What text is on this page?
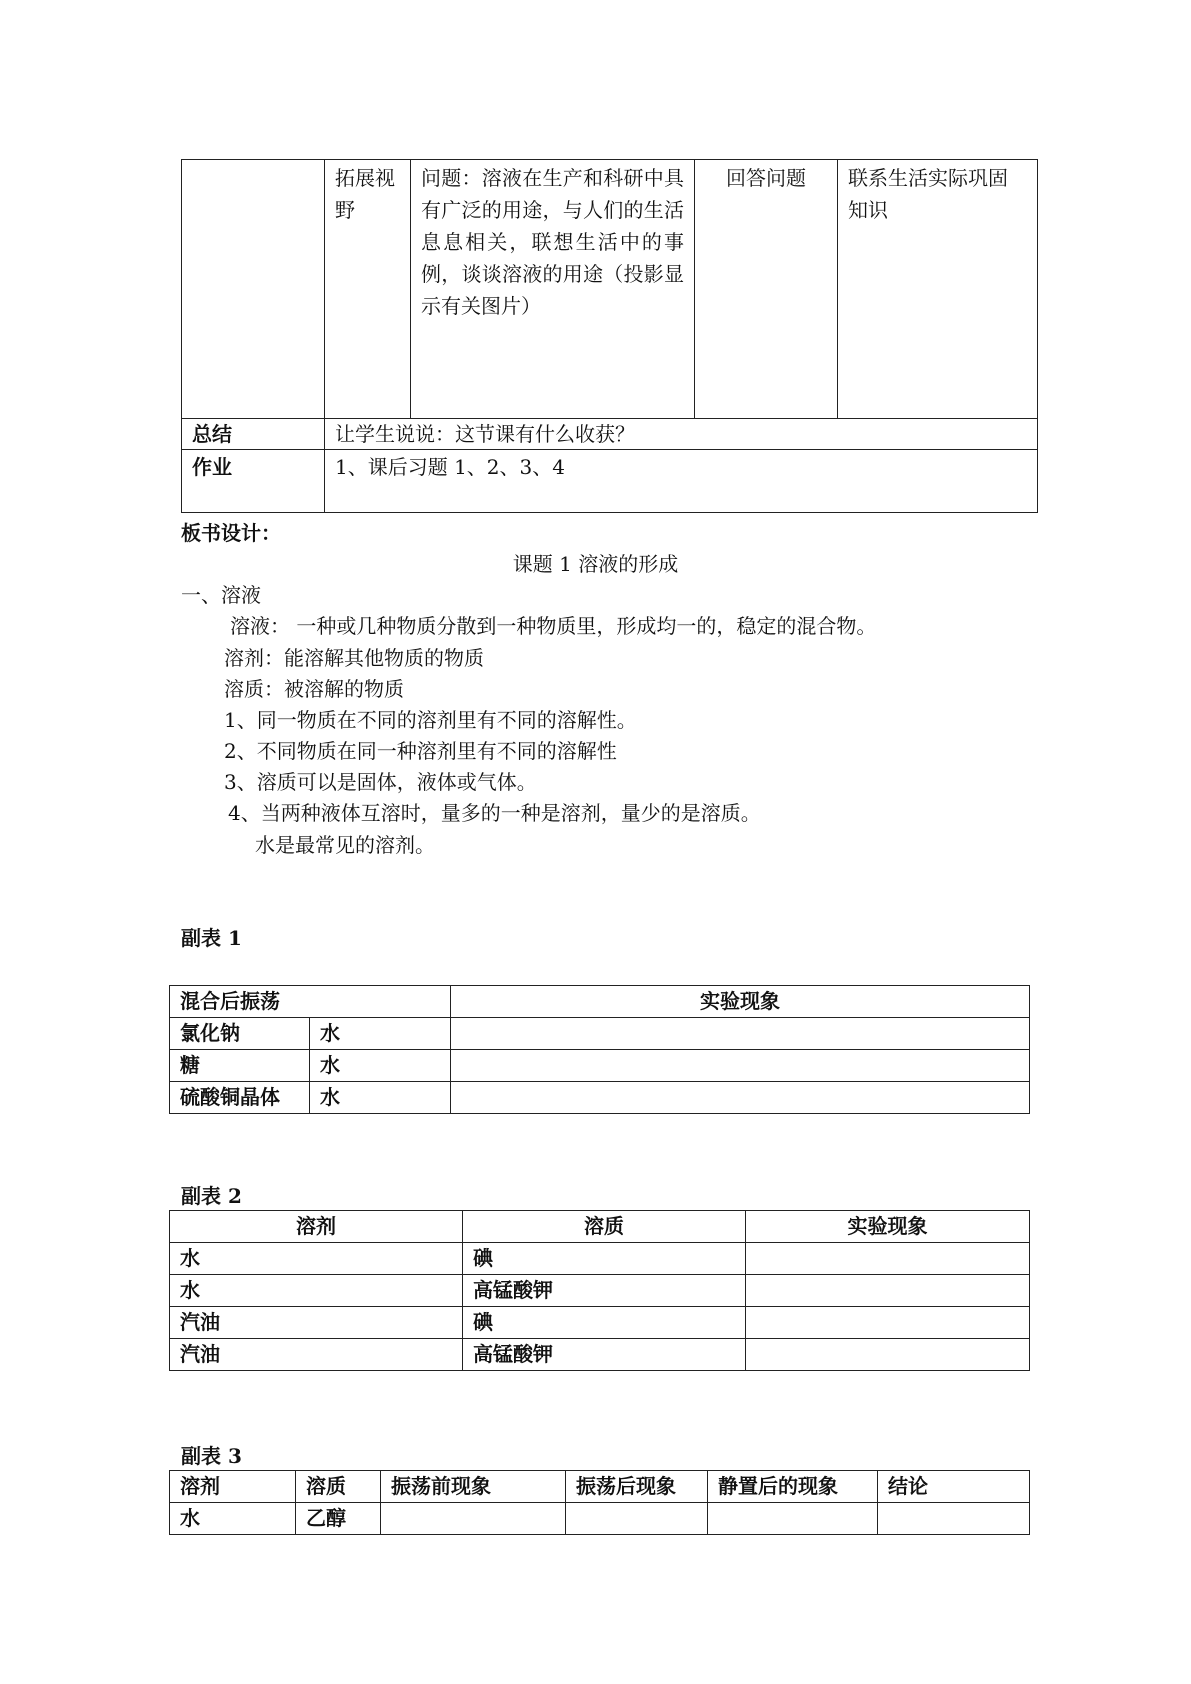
	拓展视野	问题：溶液在生产和科研中具有广泛的用途，与人们的生活息息相关，联想生活中的事例，谈谈溶液的用途（投影显示有关图片）	回答问题	联系生活实际巩固知识
总结	让学生说说：这节课有什么收获？			
作业	1、课后习题 1、2、3、4			
板书设计：
课题 1 溶液的形成
一、溶液
溶液： 一种或几种物质分散到一种物质里，形成均一的，稳定的混合物。
溶剂：能溶解其他物质的物质
溶质：被溶解的物质
1、同一物质在不同的溶剂里有不同的溶解性。
2、不同物质在同一种溶剂里有不同的溶解性
3、溶质可以是固体，液体或气体。
4、当两种液体互溶时，量多的一种是溶剂，量少的是溶质。
水是最常见的溶剂。
副表 1
混合后振荡		实验现象
氯化钠	水	
糖	水	
硫酸铜晶体	水	
副表 2
溶剂	溶质	实验现象
水	碘	
水	高锰酸钾	
汽油	碘	
汽油	高锰酸钾	
副表 3
溶剂	溶质	振荡前现象	振荡后现象	静置后的现象	结论
水	乙醇				
